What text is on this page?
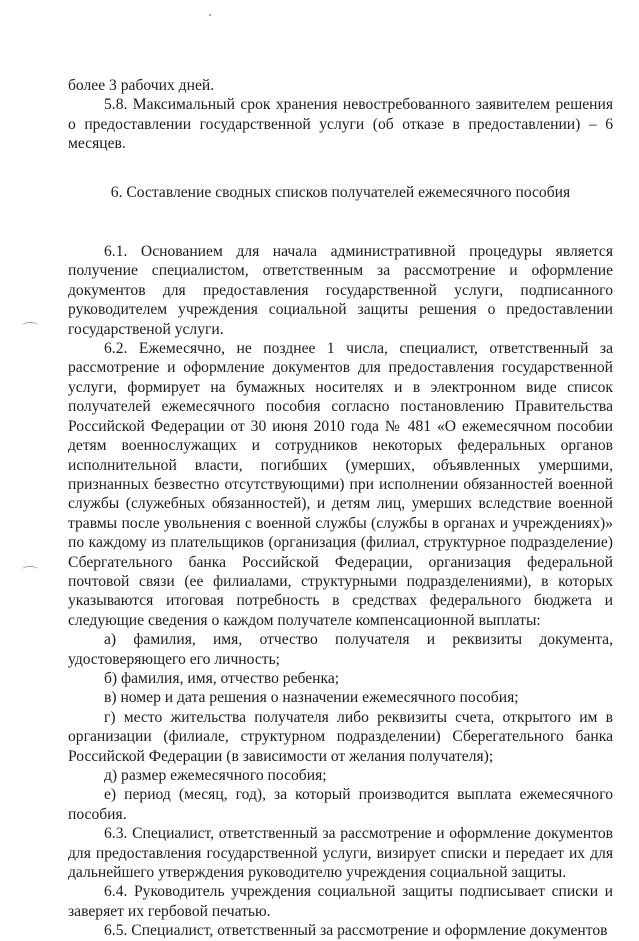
более 3 рабочих дней.

5.8. Максимальный срок хранения невостребованного заявителем решения о предоставлении государственной услуги (об отказе в предоставлении) – 6 месяцев.

6. Составление сводных списков получателей ежемесячного пособия

6.1. Основанием для начала административной процедуры является получение специалистом, ответственным за рассмотрение и оформление документов для предоставления государственной услуги, подписанного руководителем учреждения социальной защиты решения о предоставлении государственой услуги.

6.2. Ежемесячно, не позднее 1 числа, специалист, ответственный за рассмотрение и оформление документов для предоставления государственной услуги, формирует на бумажных носителях и в электронном виде список получателей ежемесячного пособия согласно постановлению Правительства Российской Федерации от 30 июня 2010 года № 481 «О ежемесячном пособии детям военнослужащих и сотрудников некоторых федеральных органов исполнительной власти, погибших (умерших, объявленных умершими, признанных безвестно отсутствующими) при исполнении обязанностей военной службы (служебных обязанностей), и детям лиц, умерших вследствие военной травмы после увольнения с военной службы (службы в органах и учреждениях)» по каждому из плательщиков (организация (филиал, структурное подразделение) Сбергательного банка Российской Федерации, организация федеральной почтовой связи (ее филиалами, структурными подразделениями), в которых указываются итоговая потребность в средствах федерального бюджета и следующие сведения о каждом получателе компенсационной выплаты:

а) фамилия, имя, отчество получателя и реквизиты документа, удостоверяющего его личность;

б) фамилия, имя, отчество ребенка;

в) номер и дата решения о назначении ежемесячного пособия;

г) место жительства получателя либо реквизиты счета, открытого им в организации (филиале, структурном подразделении) Сберегательного банка Российской Федерации (в зависимости от желания получателя);

д) размер ежемесячного пособия;

е) период (месяц, год), за который производится выплата ежемесячного пособия.

6.3. Специалист, ответственный за рассмотрение и оформление документов для предоставления государственной услуги, визирует списки и передает их для дальнейшего утверждения руководителю учреждения социальной защиты.

6.4. Руководитель учреждения социальной защиты подписывает списки и заверяет их гербовой печатью.

6.5. Специалист, ответственный за рассмотрение и оформление документов
